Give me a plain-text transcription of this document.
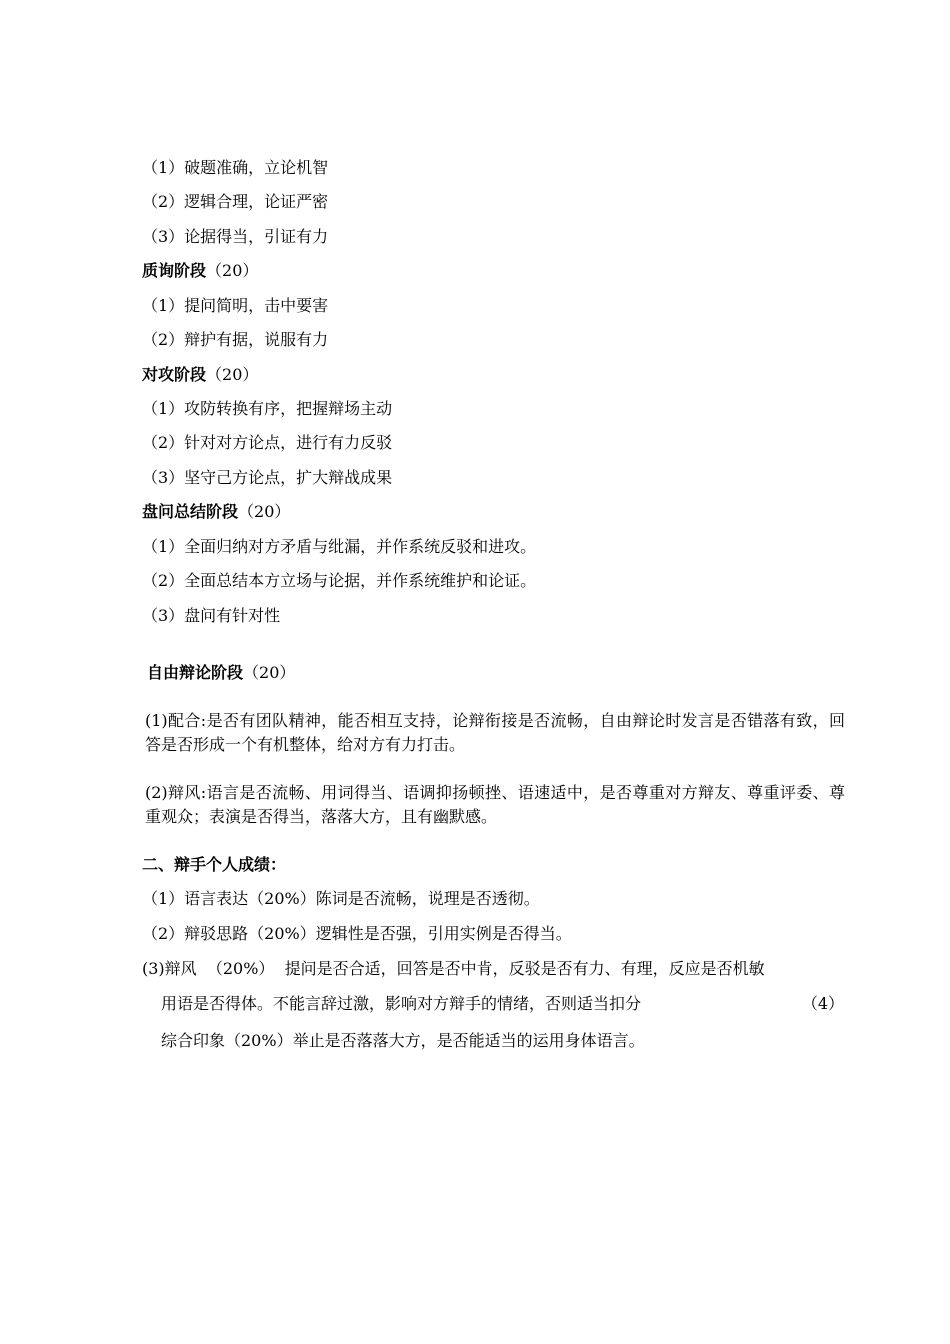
（1）破题准确，立论机智
（2）逻辑合理，论证严密
（3）论据得当，引证有力
质询阶段（20）
（1）提问简明，击中要害
（2）辩护有据，说服有力
对攻阶段（20）
（1）攻防转换有序，把握辩场主动
（2）针对对方论点，进行有力反驳
（3）坚守己方论点，扩大辩战成果
盘问总结阶段（20）
（1）全面归纳对方矛盾与纰漏，并作系统反驳和进攻。
（2）全面总结本方立场与论据，并作系统维护和论证。
（3）盘问有针对性
自由辩论阶段（20）
(1)配合:是否有团队精神，能否相互支持，论辩衔接是否流畅，自由辩论时发言是否错落有致，回答是否形成一个有机整体，给对方有力打击。
(2)辩风:语言是否流畅、用词得当、语调抑扬顿挫、语速适中，是否尊重对方辩友、尊重评委、尊重观众；表演是否得当，落落大方，且有幽默感。
二、辩手个人成绩：
（1）语言表达（20%）陈词是否流畅，说理是否透彻。
（2）辩驳思路（20%）逻辑性是否强，引用实例是否得当。
(3)辩风  （20%）  提问是否合适，回答是否中肯，反驳是否有力、有理，反应是否机敏
用语是否得体。不能言辞过激，影响对方辩手的情绪，否则适当扣分	（4）
综合印象（20%）举止是否落落大方，是否能适当的运用身体语言。
